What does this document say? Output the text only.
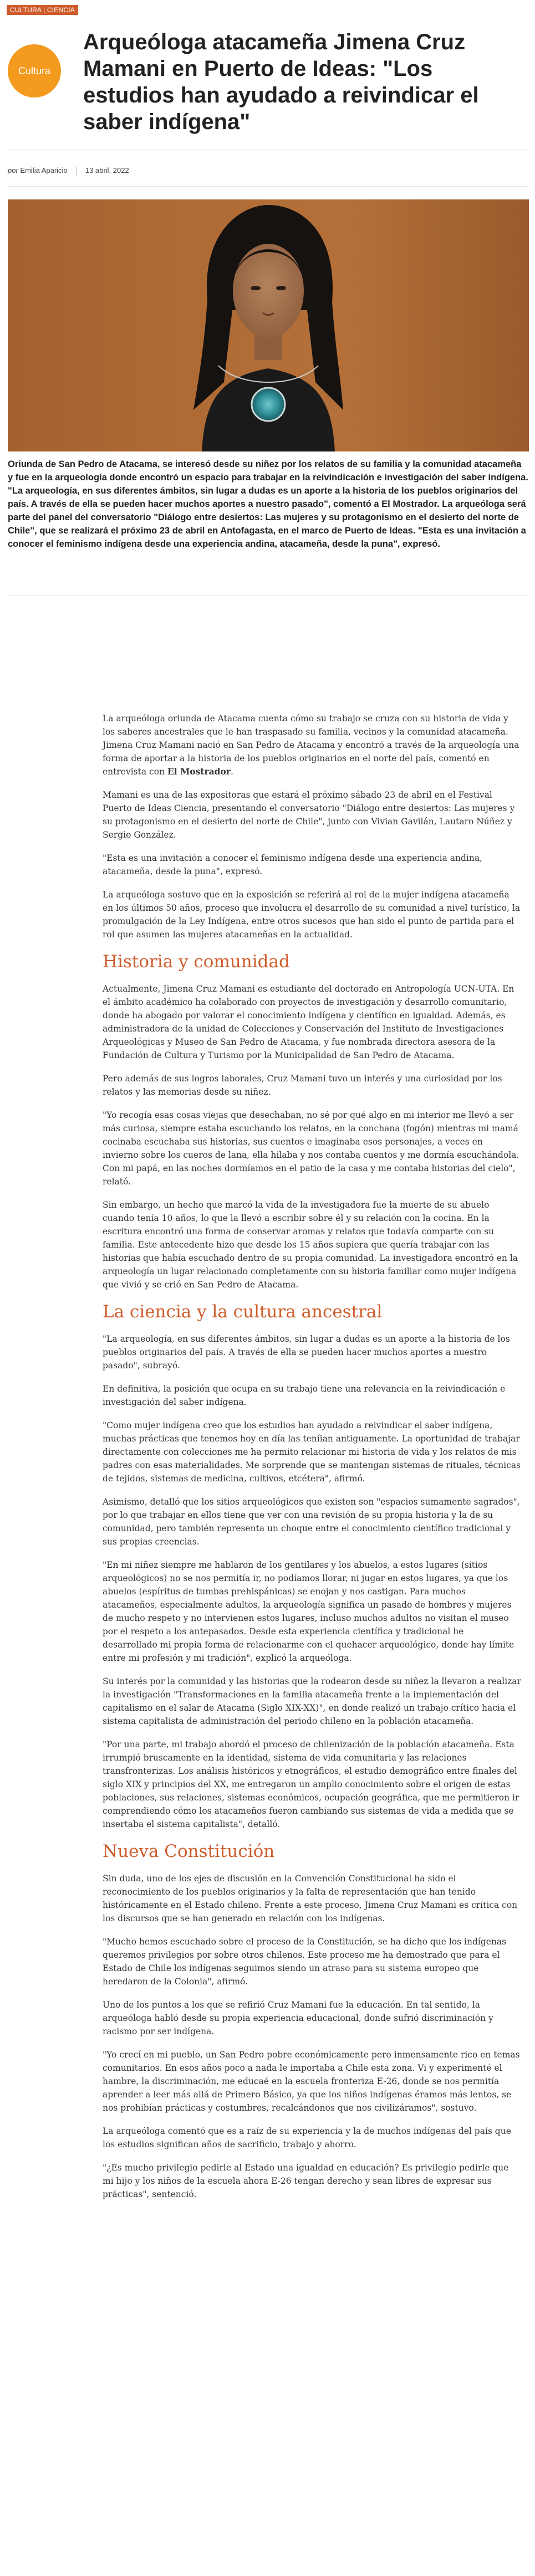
CULTURA | CIENCIA
Cultura
Arqueóloga atacameña Jimena Cruz Mamani en Puerto de Ideas: "Los estudios han ayudado a reivindicar el saber indígena"
por Emilia Aparicio 13 abril, 2022

Oriunda de San Pedro de Atacama, se interesó desde su niñez por los relatos de su familia y la comunidad atacameña y fue en la arqueología donde encontró un espacio para trabajar en la reivindicación e investigación del saber indígena. "La arqueología, en sus diferentes ámbitos, sin lugar a dudas es un aporte a la historia de los pueblos originarios del país. A través de ella se pueden hacer muchos aportes a nuestro pasado", comentó a El Mostrador. La arqueóloga será parte del panel del conversatorio "Diálogo entre desiertos: Las mujeres y su protagonismo en el desierto del norte de Chile", que se realizará el próximo 23 de abril en Antofagasta, en el marco de Puerto de Ideas. "Esta es una invitación a conocer el feminismo indígena desde una experiencia andina, atacameña, desde la puna", expresó.

La arqueóloga oriunda de Atacama cuenta cómo su trabajo se cruza con su historia de vida y los saberes ancestrales que le han traspasado su familia, vecinos y la comunidad atacameña. Jimena Cruz Mamani nació en San Pedro de Atacama y encontró a través de la arqueología una forma de aportar a la historia de los pueblos originarios en el norte del país, comentó en entrevista con El Mostrador.

Mamani es una de las expositoras que estará el próximo sábado 23 de abril en el Festival Puerto de Ideas Ciencia, presentando el conversatorio "Diálogo entre desiertos: Las mujeres y su protagonismo en el desierto del norte de Chile", junto con Vivian Gavilán, Lautaro Núñez y Sergio González.

"Esta es una invitación a conocer el feminismo indígena desde una experiencia andina, atacameña, desde la puna", expresó.

La arqueóloga sostuvo que en la exposición se referirá al rol de la mujer indígena atacameña en los últimos 50 años, proceso que involucra el desarrollo de su comunidad a nivel turístico, la promulgación de la Ley Indígena, entre otros sucesos que han sido el punto de partida para el rol que asumen las mujeres atacameñas en la actualidad.

Historia y comunidad

Actualmente, Jimena Cruz Mamani es estudiante del doctorado en Antropología UCN-UTA. En el ámbito académico ha colaborado con proyectos de investigación y desarrollo comunitario, donde ha abogado por valorar el conocimiento indígena y científico en igualdad. Además, es administradora de la unidad de Colecciones y Conservación del Instituto de Investigaciones Arqueológicas y Museo de San Pedro de Atacama, y fue nombrada directora asesora de la Fundación de Cultura y Turismo por la Municipalidad de San Pedro de Atacama.

Pero además de sus logros laborales, Cruz Mamani tuvo un interés y una curiosidad por los relatos y las memorias desde su niñez.

"Yo recogía esas cosas viejas que desechaban, no sé por qué algo en mi interior me llevó a ser más curiosa, siempre estaba escuchando los relatos, en la conchana (fogón) mientras mi mamá cocinaba escuchaba sus historias, sus cuentos e imaginaba esos personajes, a veces en invierno sobre los cueros de lana, ella hilaba y nos contaba cuentos y me dormía escuchándola. Con mi papá, en las noches dormíamos en el patio de la casa y me contaba historias del cielo", relató.

Sin embargo, un hecho que marcó la vida de la investigadora fue la muerte de su abuelo cuando tenía 10 años, lo que la llevó a escribir sobre él y su relación con la cocina. En la escritura encontró una forma de conservar aromas y relatos que todavía comparte con su familia. Este antecedente hizo que desde los 15 años supiera que quería trabajar con las historias que había escuchado dentro de su propia comunidad. La investigadora encontró en la arqueología un lugar relacionado completamente con su historia familiar como mujer indígena que vivió y se crió en San Pedro de Atacama.

La ciencia y la cultura ancestral

"La arqueología, en sus diferentes ámbitos, sin lugar a dudas es un aporte a la historia de los pueblos originarios del país. A través de ella se pueden hacer muchos aportes a nuestro pasado", subrayó.

En definitiva, la posición que ocupa en su trabajo tiene una relevancia en la reivindicación e investigación del saber indígena.

"Como mujer indígena creo que los estudios han ayudado a reivindicar el saber indígena, muchas prácticas que tenemos hoy en día las teníian antiguamente. La oportunidad de trabajar directamente con colecciones me ha permito relacionar mi historia de vida y los relatos de mis padres con esas materialidades. Me sorprende que se mantengan sistemas de rituales, técnicas de tejidos, sistemas de medicina, cultivos, etcétera", afirmó.

Asimismo, detalló que los sitios arqueológicos que existen son "espacios sumamente sagrados", por lo que trabajar en ellos tiene que ver con una revisión de su propia historia y la de su comunidad, pero también representa un choque entre el conocimiento científico tradicional y sus propias creencias.

"En mi niñez siempre me hablaron de los gentilares y los abuelos, a estos lugares (sitios arqueológicos) no se nos permitía ir, no podíamos llorar, ni jugar en estos lugares, ya que los abuelos (espíritus de tumbas prehispánicas) se enojan y nos castigan. Para muchos atacameños, especialmente adultos, la arqueología significa un pasado de hombres y mujeres de mucho respeto y no intervienen estos lugares, incluso muchos adultos no visitan el museo por el respeto a los antepasados. Desde esta experiencia científica y tradicional he desarrollado mi propia forma de relacionarme con el quehacer arqueológico, donde hay límite entre mi profesión y mi tradición", explicó la arqueóloga.

Su interés por la comunidad y las historias que la rodearon desde su niñez la llevaron a realizar la investigación "Transformaciones en la familia atacameña frente a la implementación del capitalismo en el salar de Atacama (Siglo XIX-XX)", en donde realizó un trabajo crítico hacia el sistema capitalista de administración del periodo chileno en la población atacameña.

"Por una parte, mi trabajo abordó el proceso de chilenización de la población atacameña. Esta irrumpió bruscamente en la identidad, sistema de vida comunitaria y las relaciones transfronterizas. Los análisis históricos y etnográficos, el estudio demográfico entre finales del siglo XIX y principios del XX, me entregaron un amplio conocimiento sobre el origen de estas poblaciones, sus relaciones, sistemas económicos, ocupación geográfica, que me permitieron ir comprendiendo cómo los atacameños fueron cambiando sus sistemas de vida a medida que se insertaba el sistema capitalista", detalló.

Nueva Constitución

Sin duda, uno de los ejes de discusión en la Convención Constitucional ha sido el reconocimiento de los pueblos originarios y la falta de representación que han tenido históricamente en el Estado chileno. Frente a este proceso, Jimena Cruz Mamani es crítica con los discursos que se han generado en relación con los indígenas.

"Mucho hemos escuchado sobre el proceso de la Constitución, se ha dicho que los indígenas queremos privilegios por sobre otros chilenos. Este proceso me ha demostrado que para el Estado de Chile los indígenas seguimos siendo un atraso para su sistema europeo que heredaron de la Colonia", afirmó.

Uno de los puntos a los que se refirió Cruz Mamani fue la educación. En tal sentido, la arqueóloga habló desde su propia experiencia educacional, donde sufrió discriminación y racismo por ser indígena.

"Yo crecí en mi pueblo, un San Pedro pobre económicamente pero inmensamente rico en temas comunitarios. En esos años poco a nada le importaba a Chile esta zona. Vi y experimenté el hambre, la discriminación, me educaé en la escuela fronteriza E-26, donde se nos permitía aprender a leer más allá de Primero Básico, ya que los niños indígenas éramos más lentos, se nos prohibían prácticas y costumbres, recalcándonos que nos civilizáramos", sostuvo.

La arqueóloga comentó que es a raíz de su experiencia y la de muchos indígenas del país que los estudios significan años de sacrificio, trabajo y ahorro.

"¿Es mucho privilegio pedirle al Estado una igualdad en educación? Es privilegio pedirle que mi hijo y los niños de la escuela ahora E-26 tengan derecho y sean libres de expresar sus prácticas", sentenció.
